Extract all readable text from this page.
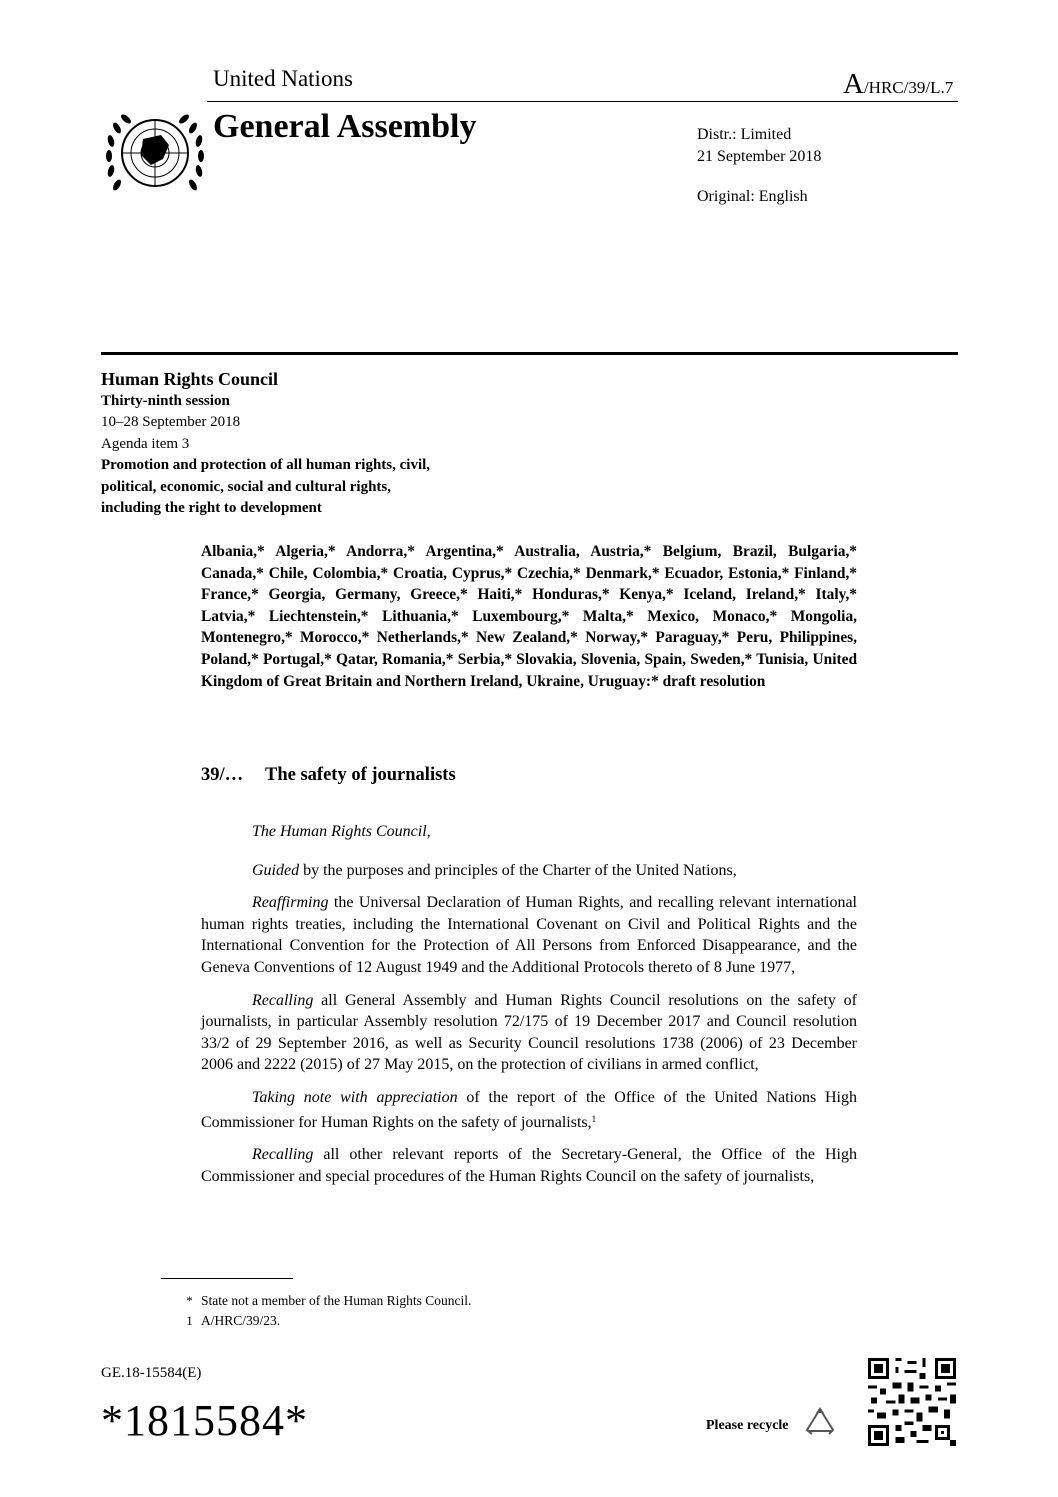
United Nations	A/HRC/39/L.7
General Assembly	Distr.: Limited
21 September 2018
Original: English
Human Rights Council
Thirty-ninth session
10–28 September 2018
Agenda item 3
Promotion and protection of all human rights, civil,
political, economic, social and cultural rights,
including the right to development
Albania,* Algeria,* Andorra,* Argentina,* Australia, Austria,* Belgium, Brazil, Bulgaria,* Canada,* Chile, Colombia,* Croatia, Cyprus,* Czechia,* Denmark,* Ecuador, Estonia,* Finland,* France,* Georgia, Germany, Greece,* Haiti,* Honduras,* Kenya,* Iceland, Ireland,* Italy,* Latvia,* Liechtenstein,* Lithuania,* Luxembourg,* Malta,* Mexico, Monaco,* Mongolia, Montenegro,* Morocco,* Netherlands,* New Zealand,* Norway,* Paraguay,* Peru, Philippines, Poland,* Portugal,* Qatar, Romania,* Serbia,* Slovakia, Slovenia, Spain, Sweden,* Tunisia, United Kingdom of Great Britain and Northern Ireland, Ukraine, Uruguay:* draft resolution
39/… The safety of journalists

The Human Rights Council,

Guided by the purposes and principles of the Charter of the United Nations,

Reaffirming the Universal Declaration of Human Rights, and recalling relevant international human rights treaties, including the International Covenant on Civil and Political Rights and the International Convention for the Protection of All Persons from Enforced Disappearance, and the Geneva Conventions of 12 August 1949 and the Additional Protocols thereto of 8 June 1977,

Recalling all General Assembly and Human Rights Council resolutions on the safety of journalists, in particular Assembly resolution 72/175 of 19 December 2017 and Council resolution 33/2 of 29 September 2016, as well as Security Council resolutions 1738 (2006) of 23 December 2006 and 2222 (2015) of 27 May 2015, on the protection of civilians in armed conflict,

Taking note with appreciation of the report of the Office of the United Nations High Commissioner for Human Rights on the safety of journalists,$^1$

Recalling all other relevant reports of the Secretary-General, the Office of the High Commissioner and special procedures of the Human Rights Council on the safety of journalists,

* State not a member of the Human Rights Council.
1 A/HRC/39/23.
GE.18-15584(E)
*1815584*	Please recycle
